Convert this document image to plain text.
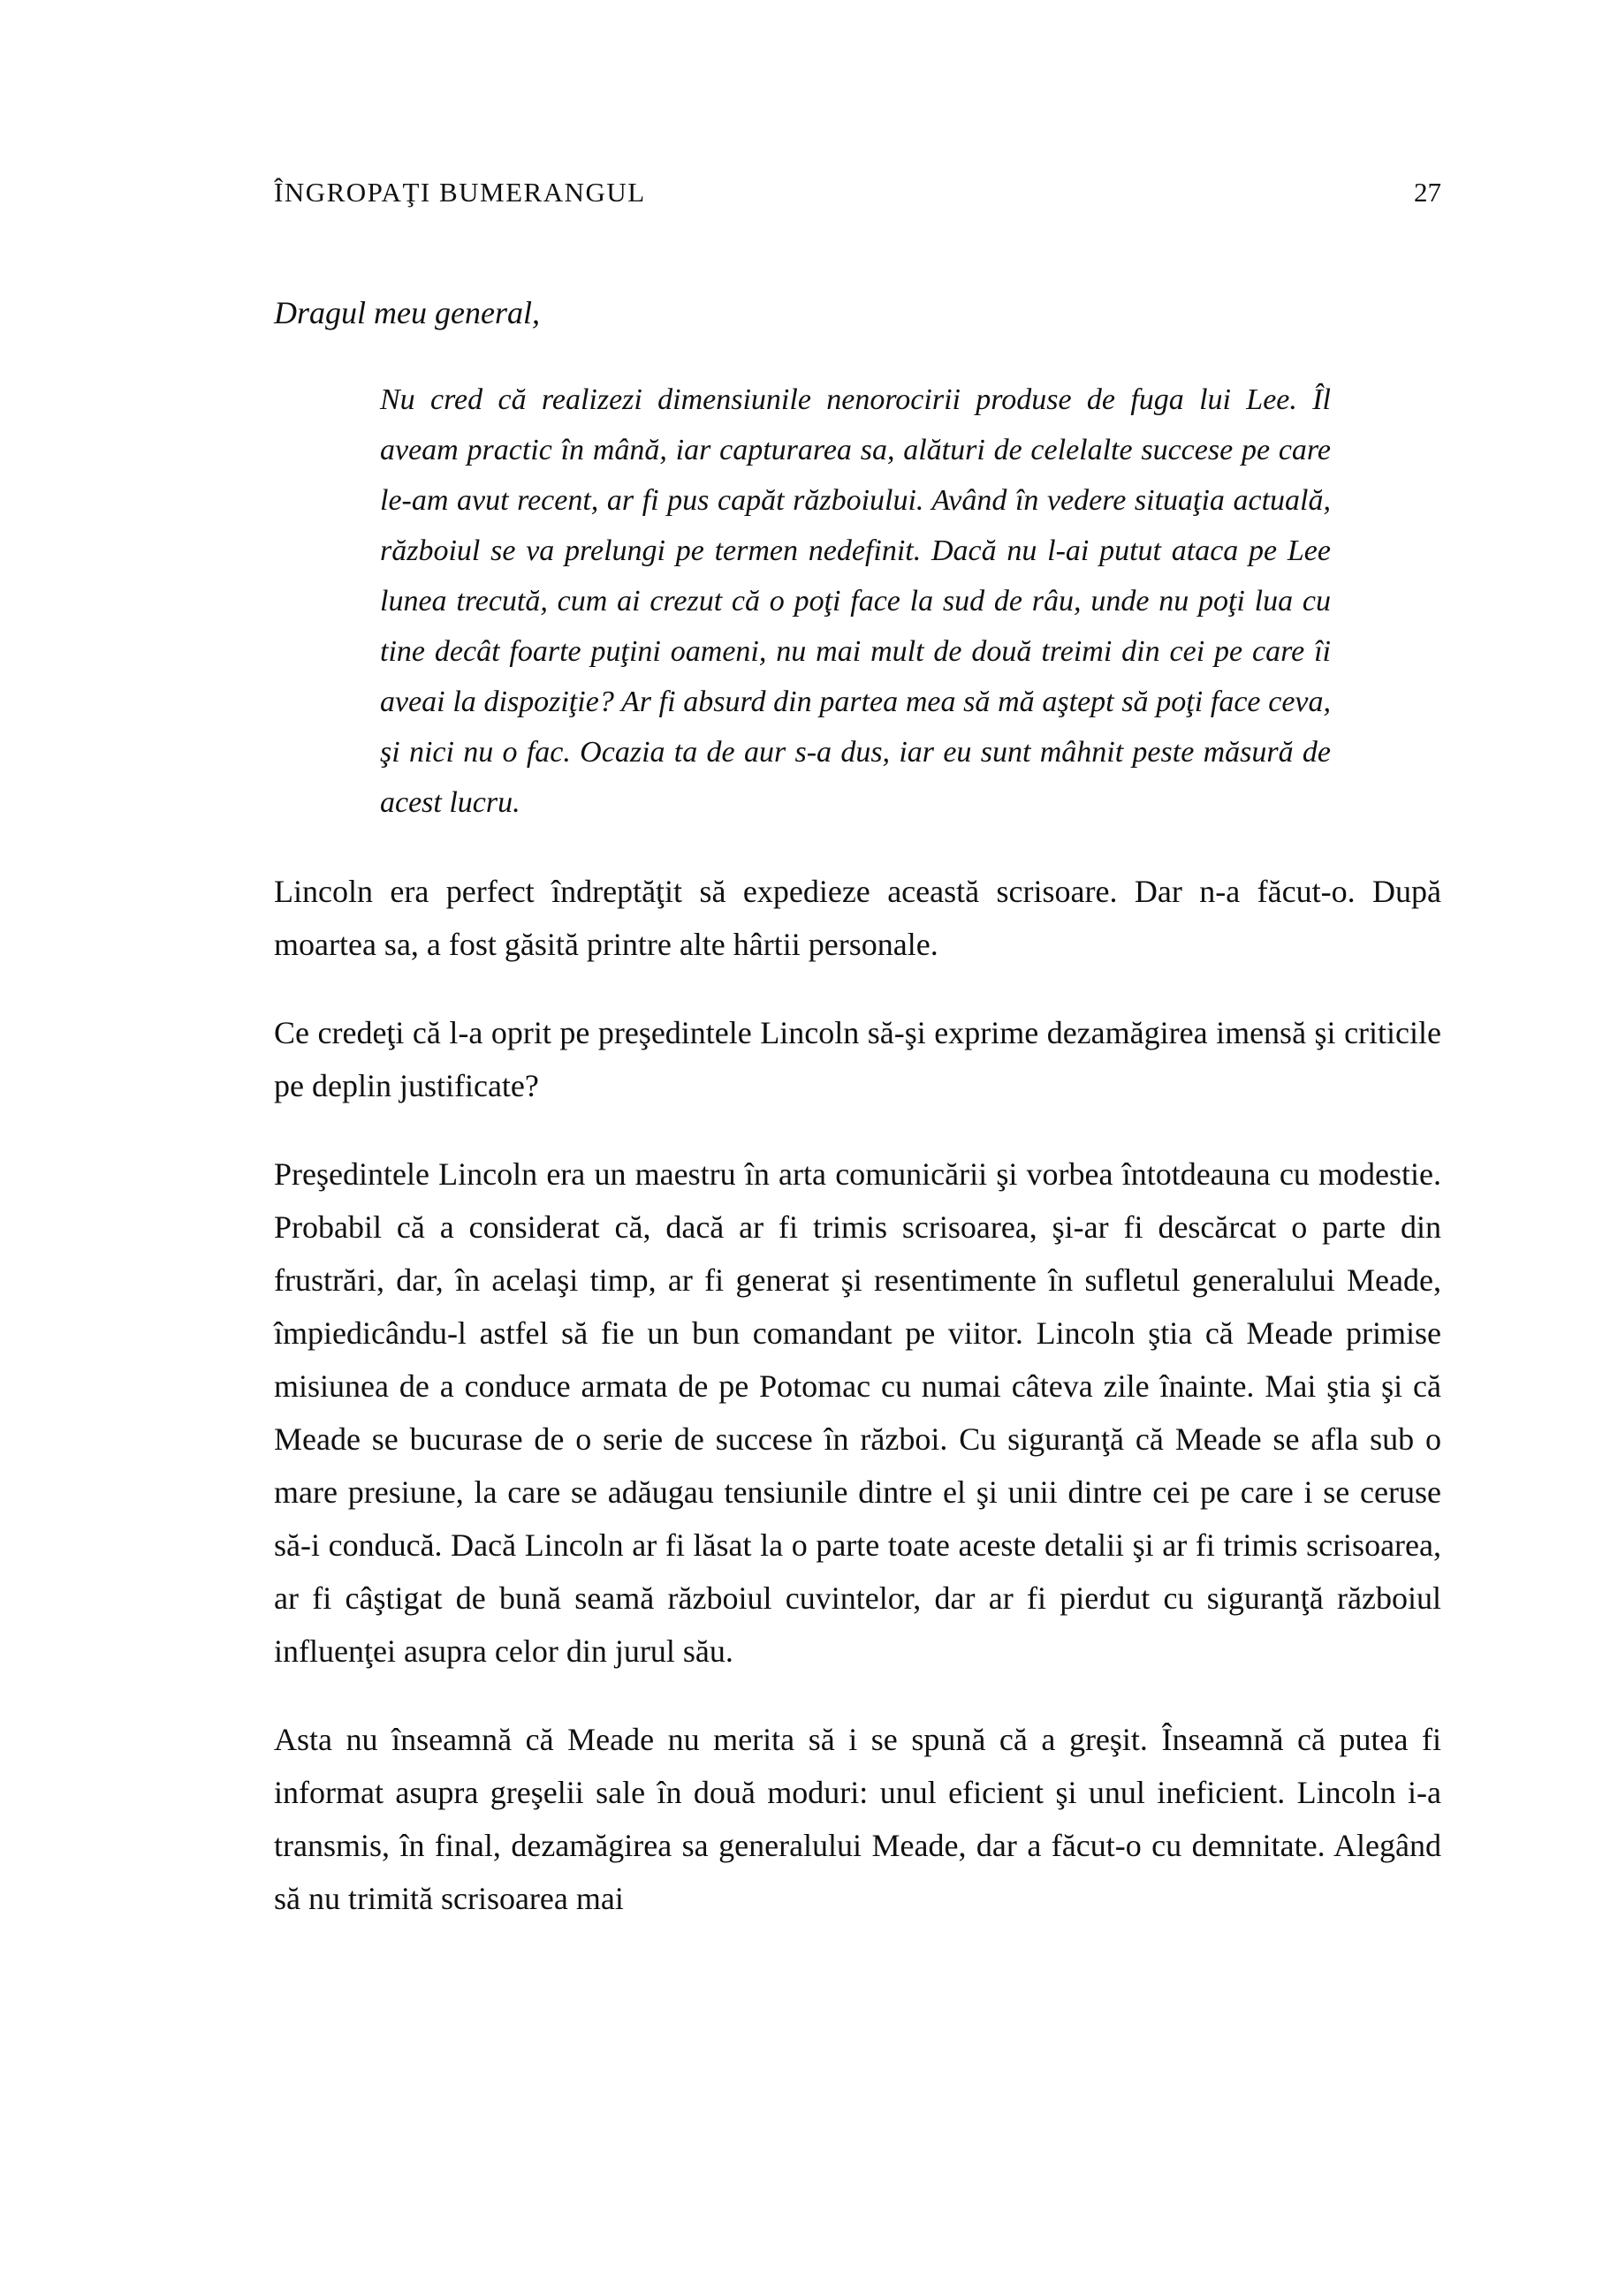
ÎNGROPAŢI BUMERANGUL	27

Dragul meu general,

Nu cred că realizezi dimensiunile nenorocirii produse de fuga lui Lee. Îl aveam practic în mână, iar capturarea sa, alături de celelalte succese pe care le-am avut recent, ar fi pus capăt războiului. Având în vedere situaţia actuală, războiul se va prelungi pe termen nedefinit. Dacă nu l-ai putut ataca pe Lee lunea trecută, cum ai crezut că o poţi face la sud de râu, unde nu poţi lua cu tine decât foarte puţini oameni, nu mai mult de două treimi din cei pe care îi aveai la dispoziţie? Ar fi absurd din partea mea să mă aştept să poţi face ceva, şi nici nu o fac. Ocazia ta de aur s-a dus, iar eu sunt mâhnit peste măsură de acest lucru.

Lincoln era perfect îndreptăţit să expedieze această scrisoare. Dar n-a făcut-o. După moartea sa, a fost găsită printre alte hârtii personale.

Ce credeţi că l-a oprit pe preşedintele Lincoln să-şi exprime dezamăgirea imensă şi criticile pe deplin justificate?

Preşedintele Lincoln era un maestru în arta comunicării şi vorbea întotdeauna cu modestie. Probabil că a considerat că, dacă ar fi trimis scrisoarea, şi-ar fi descărcat o parte din frustrări, dar, în acelaşi timp, ar fi generat şi resentimente în sufletul generalului Meade, împiedicându-l astfel să fie un bun comandant pe viitor. Lincoln ştia că Meade primise misiunea de a conduce armata de pe Potomac cu numai câteva zile înainte. Mai ştia şi că Meade se bucurase de o serie de succese în război. Cu siguranţă că Meade se afla sub o mare presiune, la care se adăugau tensiunile dintre el şi unii dintre cei pe care i se ceruse să-i conducă. Dacă Lincoln ar fi lăsat la o parte toate aceste detalii şi ar fi trimis scrisoarea, ar fi câştigat de bună seamă războiul cuvintelor, dar ar fi pierdut cu siguranţă războiul influenţei asupra celor din jurul său.

Asta nu înseamnă că Meade nu merita să i se spună că a greşit. Înseamnă că putea fi informat asupra greşelii sale în două moduri: unul eficient şi unul ineficient. Lincoln i-a transmis, în final, dezamăgirea sa generalului Meade, dar a făcut-o cu demnitate. Alegând să nu trimită scrisoarea mai
